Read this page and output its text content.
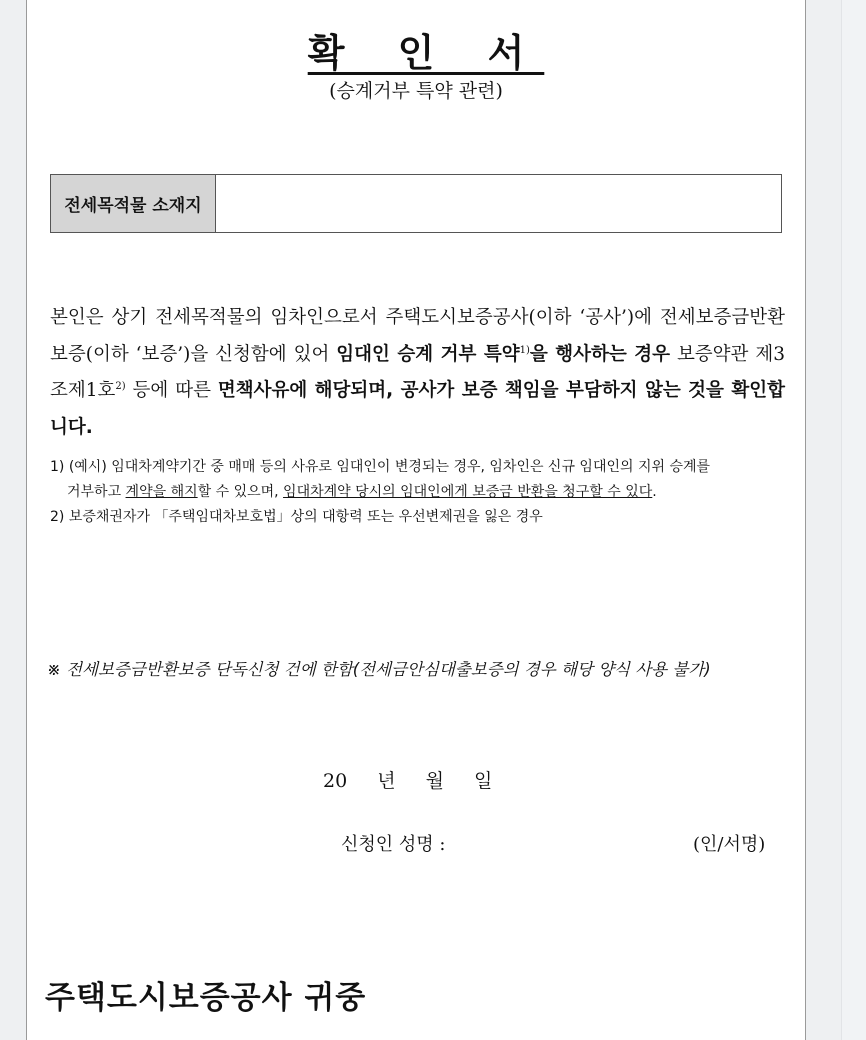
확 인 서
(승계거부 특약 관련)
전세목적물 소재지
본인은 상기 전세목적물의 임차인으로서 주택도시보증공사(이하 ‘공사’)에 전세보증금반환보증(이하 ‘보증’)을 신청함에 있어 임대인 승계 거부 특약$^{1)}$을 행사하는 경우 보증약관 제3조제1호$^{2)}$ 등에 따른 면책사유에 해당되며, 공사가 보증 책임을 부담하지 않는 것을 확인합니다.
1) (예시) 임대차계약기간 중 매매 등의 사유로 임대인이 변경되는 경우, 임차인은 신규 임대인의 지위 승계를
거부하고 계약을 해지할 수 있으며, 임대차계약 당시의 임대인에게 보증금 반환을 청구할 수 있다.
2) 보증채권자가 「주택임대차보호법」상의 대항력 또는 우선변제권을 잃은 경우
※ 전세보증금반환보증 단독신청 건에 한함(전세금안심대출보증의 경우 해당 양식 사용 불가)
20 년 월 일
신청인 성명 :	(인/서명)
주택도시보증공사 귀중
